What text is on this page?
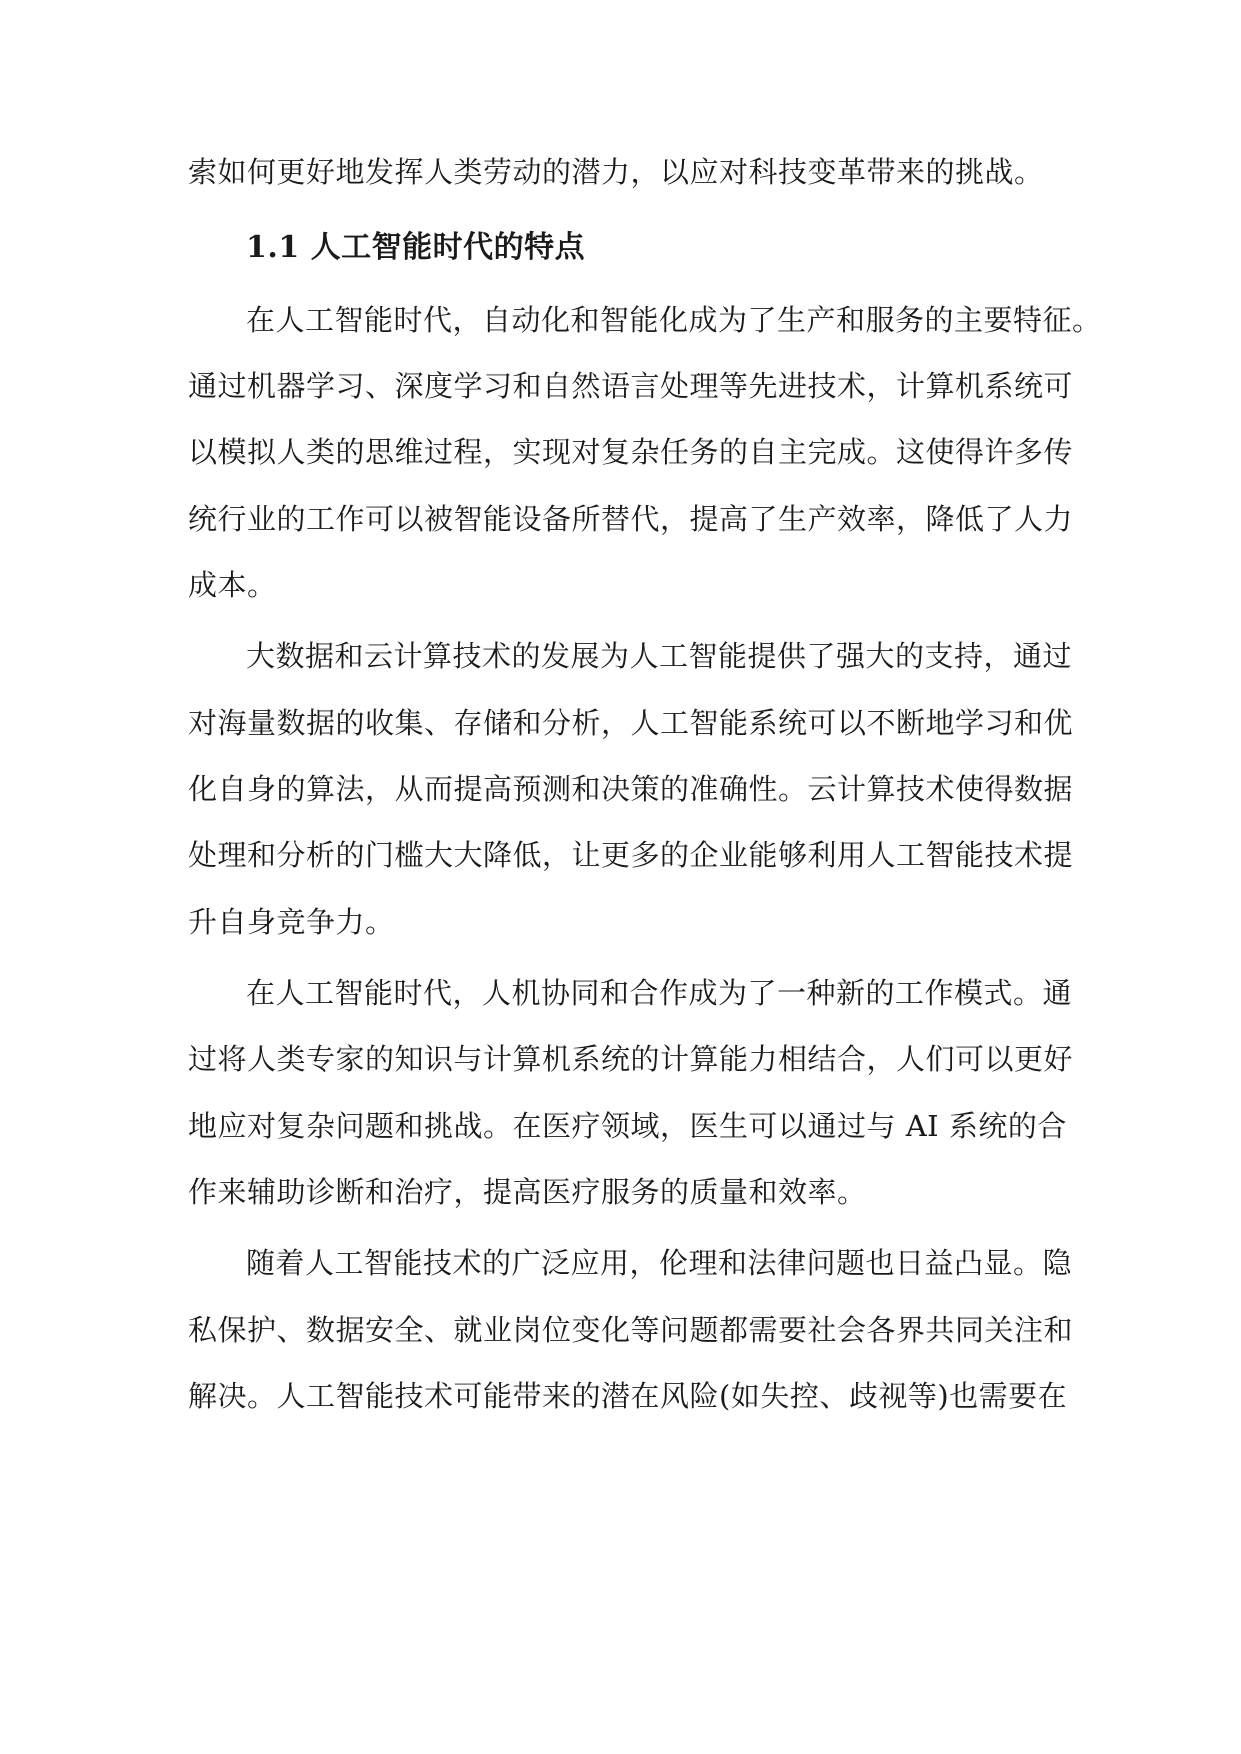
索如何更好地发挥人类劳动的潜力，以应对科技变革带来的挑战。
1.1 人工智能时代的特点
在人工智能时代，自动化和智能化成为了生产和服务的主要特征。
通过机器学习、深度学习和自然语言处理等先进技术，计算机系统可
以模拟人类的思维过程，实现对复杂任务的自主完成。这使得许多传
统行业的工作可以被智能设备所替代，提高了生产效率，降低了人力
成本。
大数据和云计算技术的发展为人工智能提供了强大的支持，通过
对海量数据的收集、存储和分析，人工智能系统可以不断地学习和优
化自身的算法，从而提高预测和决策的准确性。云计算技术使得数据
处理和分析的门槛大大降低，让更多的企业能够利用人工智能技术提
升自身竞争力。
在人工智能时代，人机协同和合作成为了一种新的工作模式。通
过将人类专家的知识与计算机系统的计算能力相结合，人们可以更好
地应对复杂问题和挑战。在医疗领域，医生可以通过与 AI 系统的合
作来辅助诊断和治疗，提高医疗服务的质量和效率。
随着人工智能技术的广泛应用，伦理和法律问题也日益凸显。隐
私保护、数据安全、就业岗位变化等问题都需要社会各界共同关注和
解决。人工智能技术可能带来的潜在风险(如失控、歧视等)也需要在
